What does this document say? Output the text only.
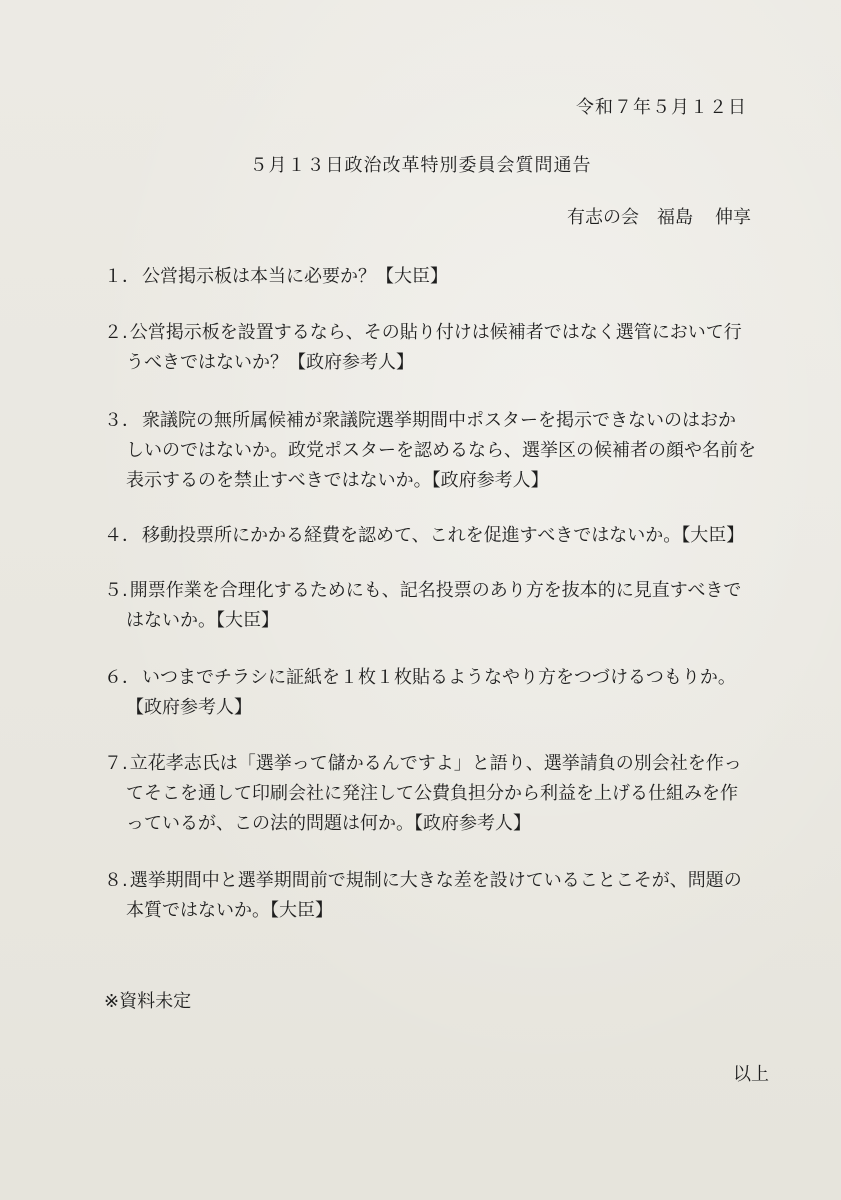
令和７年５月１２日
５月１３日政治改革特別委員会質問通告
有志の会 福島 伸享
１． 公営掲示板は本当に必要か？【大臣】
２. 公営掲示板を設置するなら、その貼り付けは候補者ではなく選管において行
うべきではないか？【政府参考人】
３． 衆議院の無所属候補が衆議院選挙期間中ポスターを掲示できないのはおか
しいのではないか。政党ポスターを認めるなら、選挙区の候補者の顔や名前を
表示するのを禁止すべきではないか。【政府参考人】
４． 移動投票所にかかる経費を認めて、これを促進すべきではないか。【大臣】
５. 開票作業を合理化するためにも、記名投票のあり方を抜本的に見直すべきで
はないか。【大臣】
６． いつまでチラシに証紙を１枚１枚貼るようなやり方をつづけるつもりか。
【政府参考人】
７. 立花孝志氏は「選挙って儲かるんですよ」と語り、選挙請負の別会社を作っ
てそこを通して印刷会社に発注して公費負担分から利益を上げる仕組みを作
っているが、この法的問題は何か。【政府参考人】
８. 選挙期間中と選挙期間前で規制に大きな差を設けていることこそが、問題の
本質ではないか。【大臣】
※資料未定
以上
